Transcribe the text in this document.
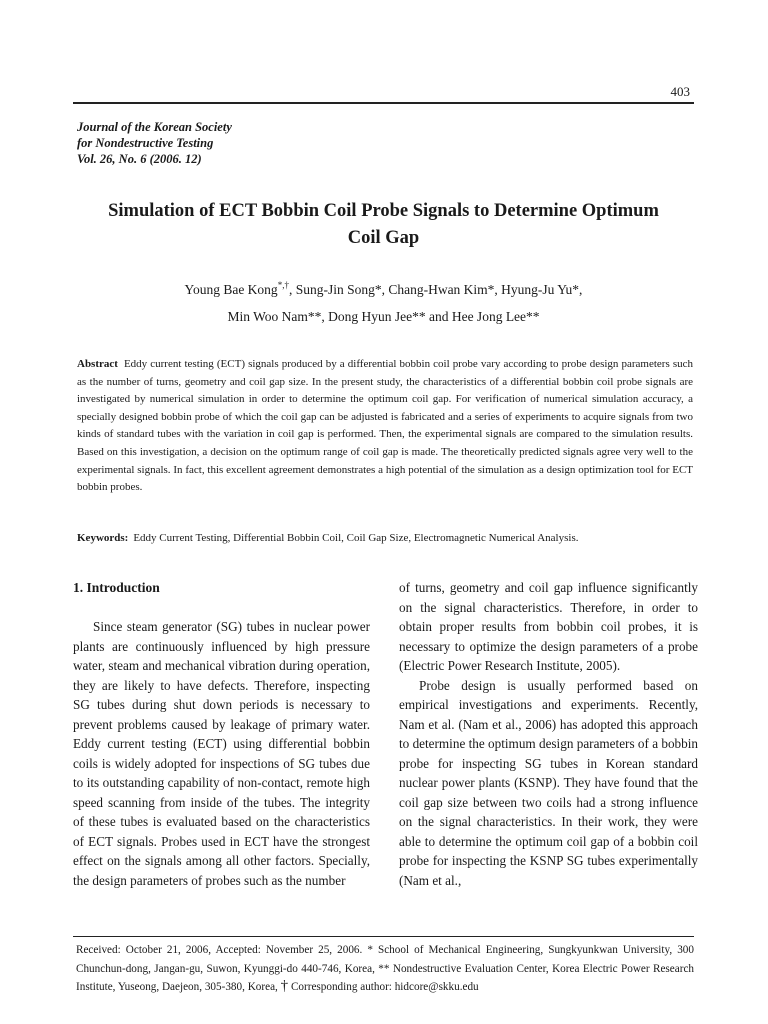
403
Journal of the Korean Society
for Nondestructive Testing
Vol. 26, No. 6 (2006. 12)
Simulation of ECT Bobbin Coil Probe Signals to Determine Optimum
Coil Gap
Young Bae Kong*,†, Sung-Jin Song*, Chang-Hwan Kim*, Hyung-Ju Yu*,
Min Woo Nam**, Dong Hyun Jee** and Hee Jong Lee**
Abstract Eddy current testing (ECT) signals produced by a differential bobbin coil probe vary according to probe design parameters such as the number of turns, geometry and coil gap size. In the present study, the characteristics of a differential bobbin coil probe signals are investigated by numerical simulation in order to determine the optimum coil gap. For verification of numerical simulation accuracy, a specially designed bobbin probe of which the coil gap can be adjusted is fabricated and a series of experiments to acquire signals from two kinds of standard tubes with the variation in coil gap is performed. Then, the experimental signals are compared to the simulation results. Based on this investigation, a decision on the optimum range of coil gap is made. The theoretically predicted signals agree very well to the experimental signals. In fact, this excellent agreement demonstrates a high potential of the simulation as a design optimization tool for ECT bobbin probes.
Keywords: Eddy Current Testing, Differential Bobbin Coil, Coil Gap Size, Electromagnetic Numerical Analysis.

1. Introduction

Since steam generator (SG) tubes in nuclear power plants are continuously influenced by high pressure water, steam and mechanical vibration during operation, they are likely to have defects. Therefore, inspecting SG tubes during shut down periods is necessary to prevent problems caused by leakage of primary water. Eddy current testing (ECT) using differential bobbin coils is widely adopted for inspections of SG tubes due to its outstanding capability of non-contact, remote high speed scanning from inside of the tubes. The integrity of these tubes is evaluated based on the characteristics of ECT signals. Probes used in ECT have the strongest effect on the signals among all other factors. Specially, the design parameters of probes such as the number

of turns, geometry and coil gap influence significantly on the signal characteristics. Therefore, in order to obtain proper results from bobbin coil probes, it is necessary to optimize the design parameters of a probe (Electric Power Research Institute, 2005).

Probe design is usually performed based on empirical investigations and experiments. Recently, Nam et al. (Nam et al., 2006) has adopted this approach to determine the optimum design parameters of a bobbin probe for inspecting SG tubes in Korean standard nuclear power plants (KSNP). They have found that the coil gap size between two coils had a strong influence on the signal characteristics. In their work, they were able to determine the optimum coil gap of a bobbin coil probe for inspecting the KSNP SG tubes experimentally (Nam et al.,

Received: October 21, 2006, Accepted: November 25, 2006. * School of Mechanical Engineering, Sungkyunkwan University, 300 Chunchun-dong, Jangan-gu, Suwon, Kyunggi-do 440-746, Korea, ** Nondestructive Evaluation Center, Korea Electric Power Research Institute, Yuseong, Daejeon, 305-380, Korea, † Corresponding author: hidcore@skku.edu
